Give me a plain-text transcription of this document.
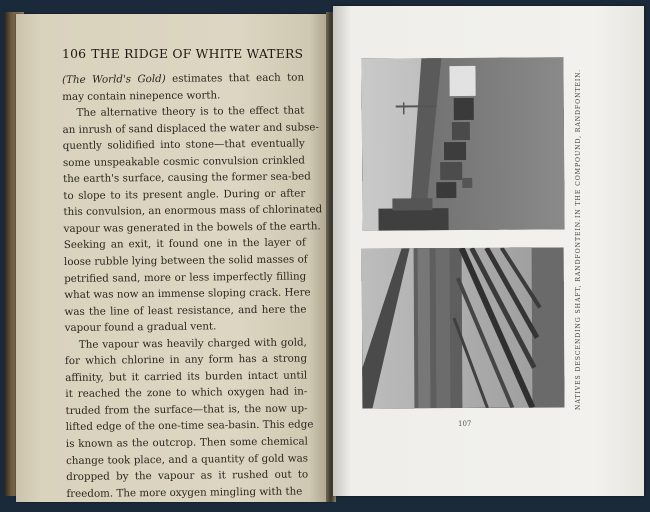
106 THE RIDGE OF WHITE WATERS
(The World's Gold) estimates that each ton
may contain ninepence worth.
The alternative theory is to the effect that
an inrush of sand displaced the water and subse-
quently solidified into stone—that eventually
some unspeakable cosmic convulsion crinkled
the earth's surface, causing the former sea-bed
to slope to its present angle. During or after
this convulsion, an enormous mass of chlorinated
vapour was generated in the bowels of the earth.
Seeking an exit, it found one in the layer of
loose rubble lying between the solid masses of
petrified sand, more or less imperfectly filling
what was now an immense sloping crack. Here
was the line of least resistance, and here the
vapour found a gradual vent.
The vapour was heavily charged with gold,
for which chlorine in any form has a strong
affinity, but it carried its burden intact until
it reached the zone to which oxygen had in-
truded from the surface—that is, the now up-
lifted edge of the one-time sea-basin. This edge
is known as the outcrop. Then some chemical
change took place, and a quantity of gold was
dropped by the vapour as it rushed out to
freedom. The more oxygen mingling with the
IN THE COMPOUND, RANDFONTEIN.
NATIVES DESCENDING SHAFT, RANDFONTEIN.
107
